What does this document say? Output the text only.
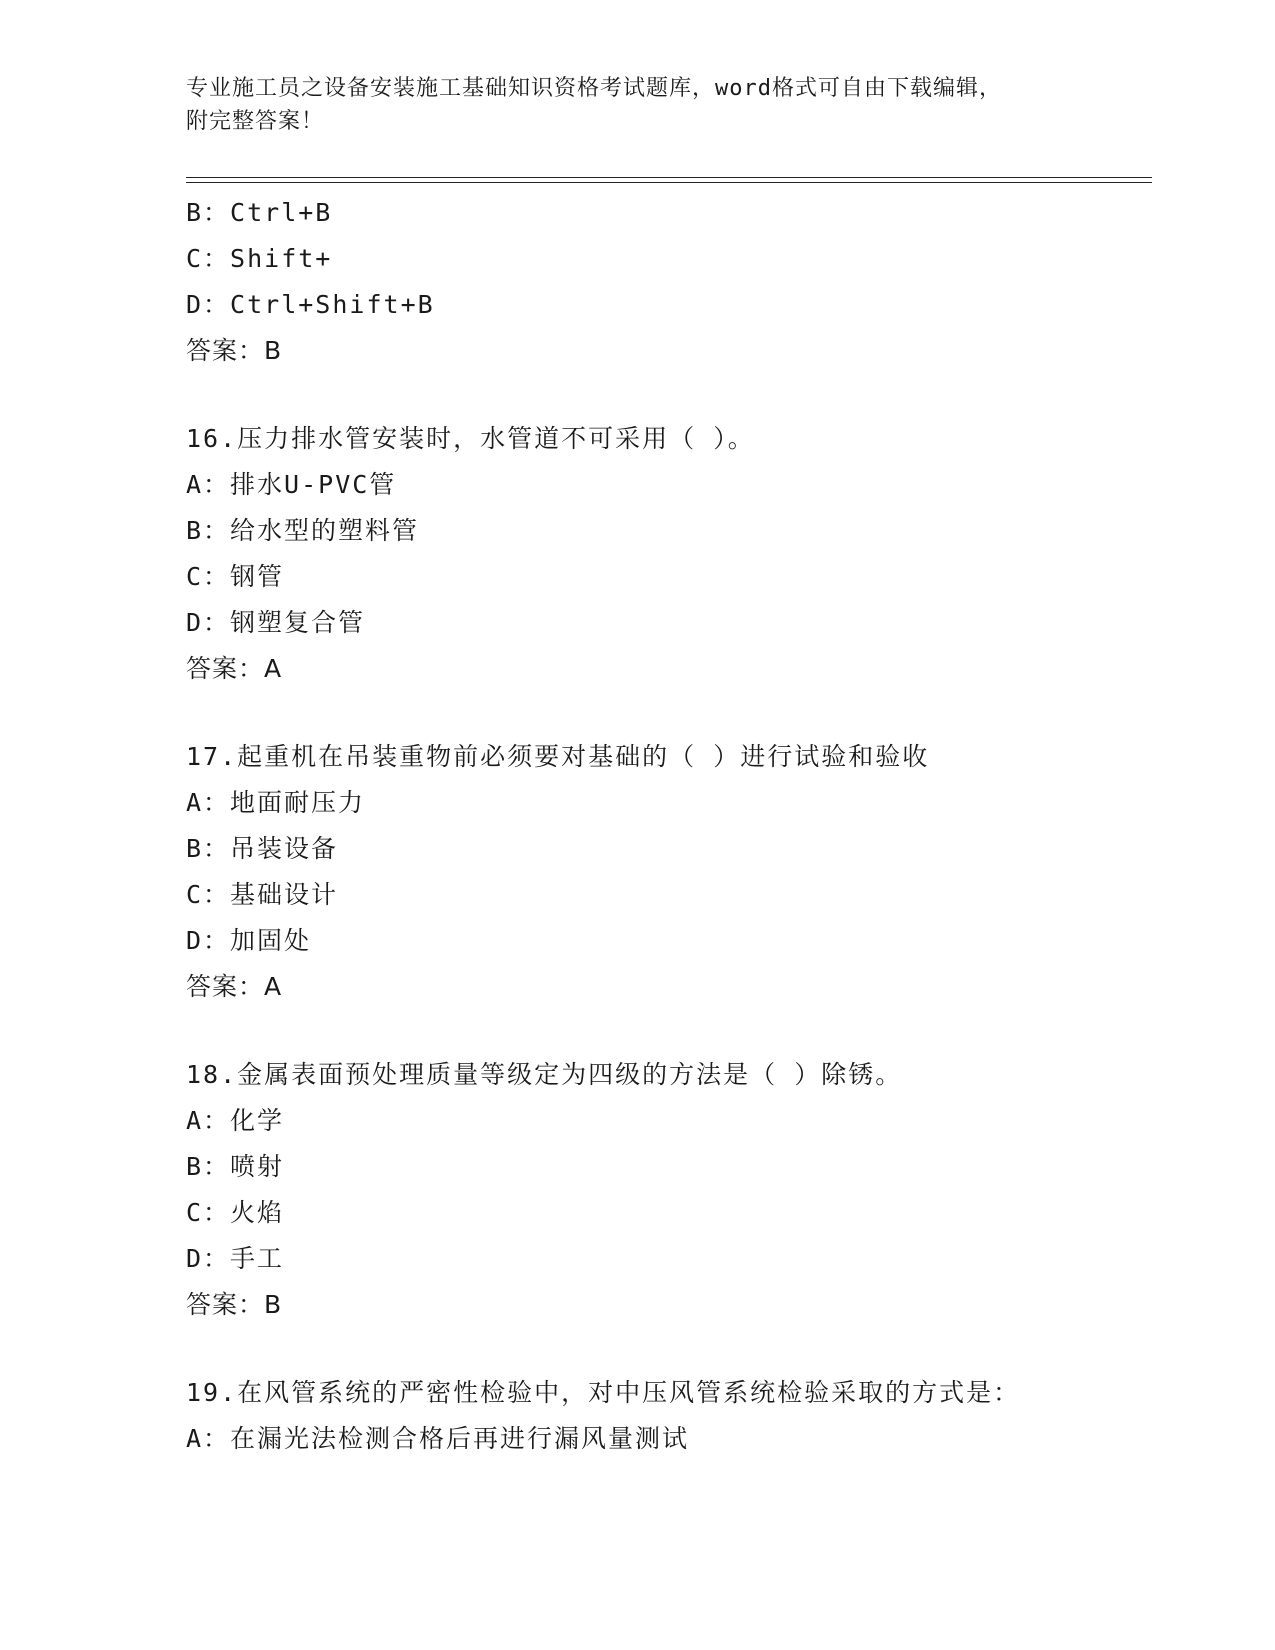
专业施工员之设备安装施工基础知识资格考试题库，word格式可自由下载编辑，
附完整答案！
B：Ctrl+B
C：Shift+
D：Ctrl+Shift+B
答案：B
16.压力排水管安装时，水管道不可采用（ ）。
A：排水U-PVC管
B：给水型的塑料管
C：钢管
D：钢塑复合管
答案：A
17.起重机在吊装重物前必须要对基础的（ ）进行试验和验收
A：地面耐压力
B：吊装设备
C：基础设计
D：加固处
答案：A
18.金属表面预处理质量等级定为四级的方法是（ ）除锈。
A：化学
B：喷射
C：火焰
D：手工
答案：B
19.在风管系统的严密性检验中，对中压风管系统检验采取的方式是：
A：在漏光法检测合格后再进行漏风量测试
